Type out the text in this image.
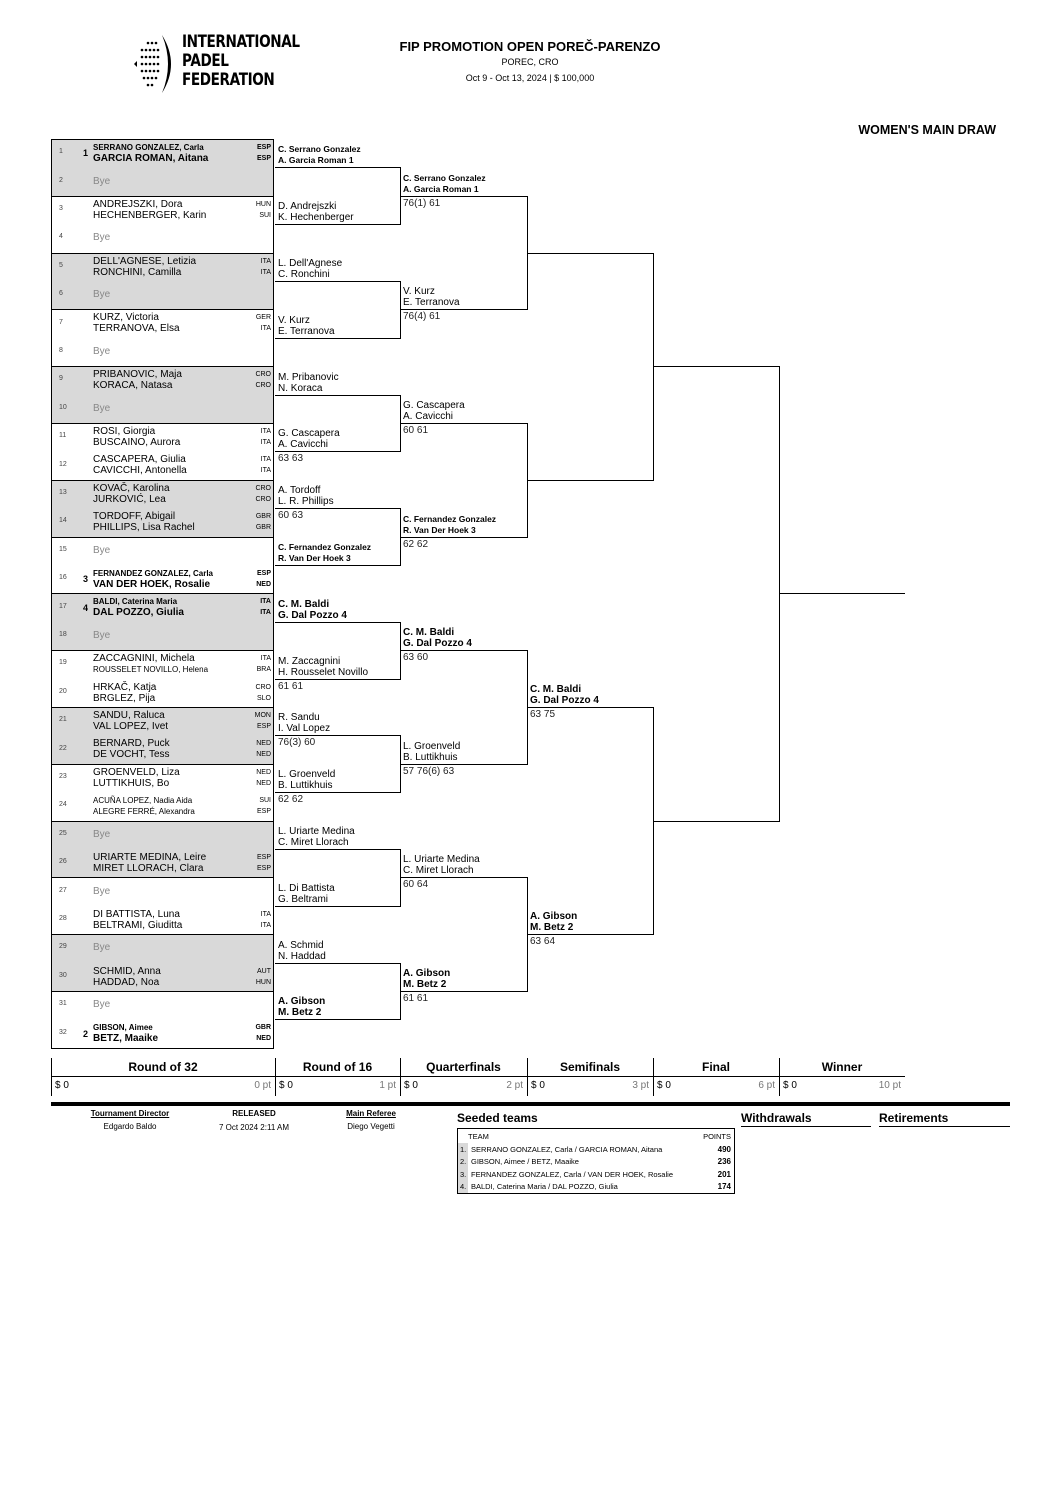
INTERNATIONAL
PADEL
FEDERATION
FIP PROMOTION OPEN POREČ-PARENZO
POREC, CRO
Oct 9 - Oct 13, 2024 | $ 100,000
WOMEN'S MAIN DRAW
1 1
SERRANO GONZALEZ, Carla	ESP
GARCIA ROMAN, Aitana	ESP
2	Bye
3	ANDREJSZKI, Dora	HUN
HECHENBERGER, Karin	SUI
4	Bye
5	DELL'AGNESE, Letizia	ITA
RONCHINI, Camilla	ITA
6	Bye
7	KURZ, Victoria	GER
TERRANOVA, Elsa	ITA
8	Bye
9	PRIBANOVIC, Maja	CRO
KORACA, Natasa	CRO
10	Bye
11	ROSI, Giorgia	ITA
BUSCAINO, Aurora	ITA
12	CASCAPERA, Giulia	ITA
CAVICCHI, Antonella	ITA
13	KOVAČ, Karolina	CRO
JURKOVIĆ, Lea	CRO
14	TORDOFF, Abigail	GBR
PHILLIPS, Lisa Rachel	GBR
15	Bye
16 3
FERNANDEZ GONZALEZ, Carla	ESP
VAN DER HOEK, Rosalie	NED
17 4
BALDI, Caterina Maria	ITA
DAL POZZO, Giulia	ITA
18	Bye
19	ZACCAGNINI, Michela	ITA
ROUSSELET NOVILLO, Helena	BRA
20	HRKAČ, Katja	CRO
BRGLEZ, Pija	SLO
21	SANDU, Raluca	MON
VAL LOPEZ, Ivet	ESP
22	BERNARD, Puck	NED
DE VOCHT, Tess	NED
23	GROENVELD, Liza	NED
LUTTIKHUIS, Bo	NED
24	ACUÑA LOPEZ, Nadia Aida	SUI
ALEGRE FERRÉ, Alexandra	ESP
25	Bye
26	URIARTE MEDINA, Leire	ESP
MIRET LLORACH, Clara	ESP
27	Bye
28	DI BATTISTA, Luna	ITA
BELTRAMI, Giuditta	ITA
29	Bye
30	SCHMID, Anna	AUT
HADDAD, Noa	HUN
31	Bye
32 2
GIBSON, Aimee	GBR
BETZ, Maaike	NED
C. Serrano Gonzalez
A. Garcia Roman 1
D. Andrejszki
K. Hechenberger
L. Dell'Agnese
C. Ronchini
V. Kurz
E. Terranova
M. Pribanovic
N. Koraca
G. Cascapera
A. Cavicchi
63 63
A. Tordoff
L. R. Phillips
60 63
C. Fernandez Gonzalez
R. Van Der Hoek 3
C. M. Baldi
G. Dal Pozzo 4
M. Zaccagnini
H. Rousselet Novillo
61 61
R. Sandu
I. Val Lopez
76(3) 60
L. Groenveld
B. Luttikhuis
62 62
L. Uriarte Medina
C. Miret Llorach
L. Di Battista
G. Beltrami
A. Schmid
N. Haddad
A. Gibson
M. Betz 2
C. Serrano Gonzalez
A. Garcia Roman 1
76(1) 61
V. Kurz
E. Terranova
76(4) 61
G. Cascapera
A. Cavicchi
60 61
C. Fernandez Gonzalez
R. Van Der Hoek 3
62 62
C. M. Baldi
G. Dal Pozzo 4
63 60
L. Groenveld
B. Luttikhuis
57 76(6) 63
L. Uriarte Medina
C. Miret Llorach
60 64
A. Gibson
M. Betz 2
61 61
C. M. Baldi
G. Dal Pozzo 4
63 75
A. Gibson
M. Betz 2
63 64
Round of 32
$ 0	0 pt
Round of 16
$ 0	1 pt
Quarterfinals
$ 0	2 pt
Semifinals
$ 0	3 pt
Final
$ 0	6 pt
Winner
$ 0	10 pt
Tournament Director
Edgardo Baldo
RELEASED
7 Oct 2024 2:11 AM
Main Referee
Diego Vegetti
Seeded teams
TEAM	POINTS
1. SERRANO GONZALEZ, Carla / GARCIA ROMAN, Aitana	490
2. GIBSON, Aimee / BETZ, Maaike	236
3. FERNANDEZ GONZALEZ, Carla / VAN DER HOEK, Rosalie	201
4. BALDI, Caterina Maria / DAL POZZO, Giulia	174
Withdrawals	Retirements
